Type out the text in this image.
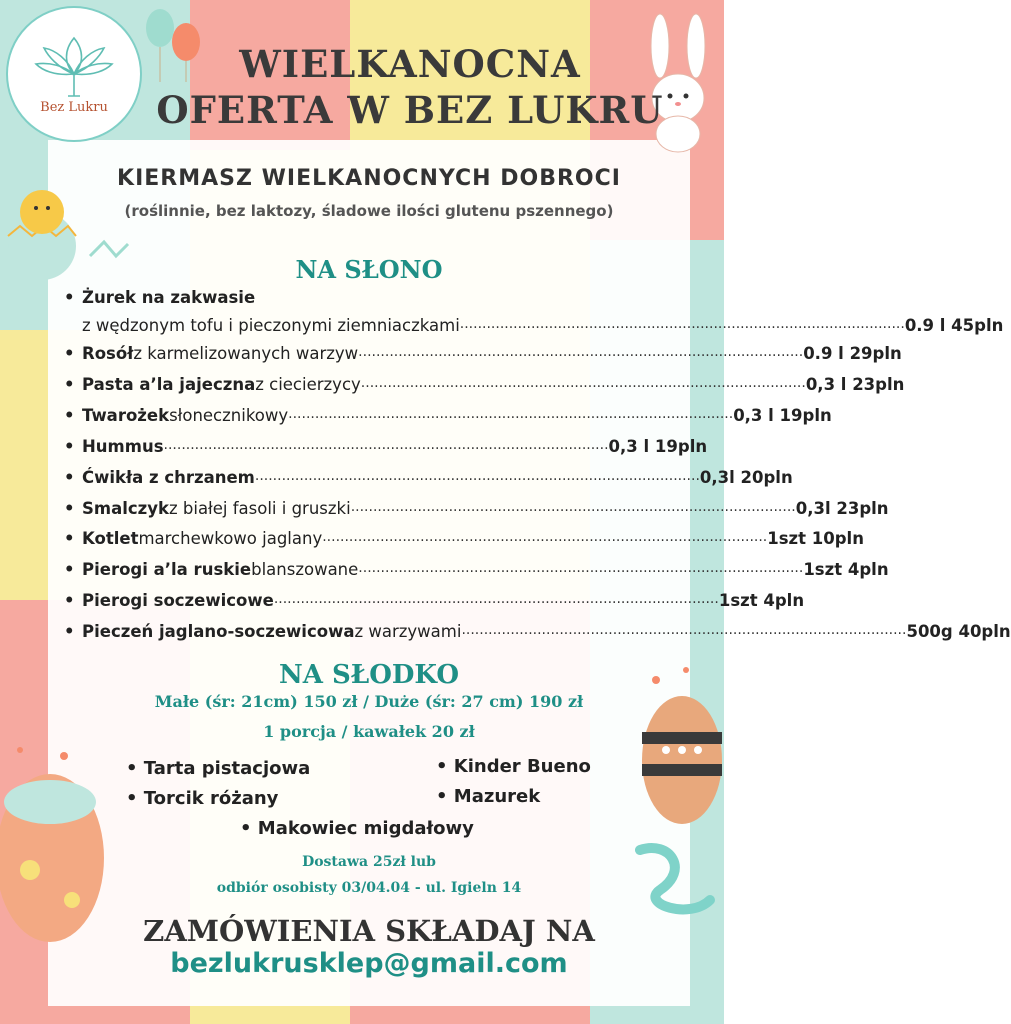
Bez Lukru
WIELKANOCNA
OFERTA W BEZ LUKRU
KIERMASZ WIELKANOCNYCH DOBROCI
(roślinnie, bez laktozy, śladowe ilości glutenu pszennego)
NA SŁONO
• Żurek na zakwasie
z wędzonym tofu i pieczonymi ziemniaczkami .................................................................................................... 0.9 l 45pln
• Rosół z karmelizowanych warzyw .................................................................................................... 0.9 l 29pln
• Pasta a’la jajeczna z ciecierzycy .................................................................................................... 0,3 l 23pln
• Twarożek słonecznikowy .................................................................................................... 0,3 l 19pln
• Hummus .................................................................................................... 0,3 l 19pln
• Ćwikła z chrzanem .................................................................................................... 0,3l 20pln
• Smalczyk z białej fasoli i gruszki .................................................................................................... 0,3l 23pln
• Kotlet marchewkowo jaglany .................................................................................................... 1szt 10pln
• Pierogi a’la ruskie blanszowane .................................................................................................... 1szt 4pln
• Pierogi soczewicowe .................................................................................................... 1szt 4pln
• Pieczeń jaglano-soczewicowa z warzywami .................................................................................................... 500g 40pln
NA SŁODKO
Małe (śr: 21cm) 150 zł / Duże (śr: 27 cm) 190 zł
1 porcja / kawałek 20 zł
• Tarta pistacjowa
• Torcik różany
• Kinder Bueno
• Mazurek
• Makowiec migdałowy
Dostawa 25zł lub
odbiór osobisty 03/04.04 - ul. Igieln 14
ZAMÓWIENIA SKŁADAJ NA
bezlukrusklep@gmail.com
